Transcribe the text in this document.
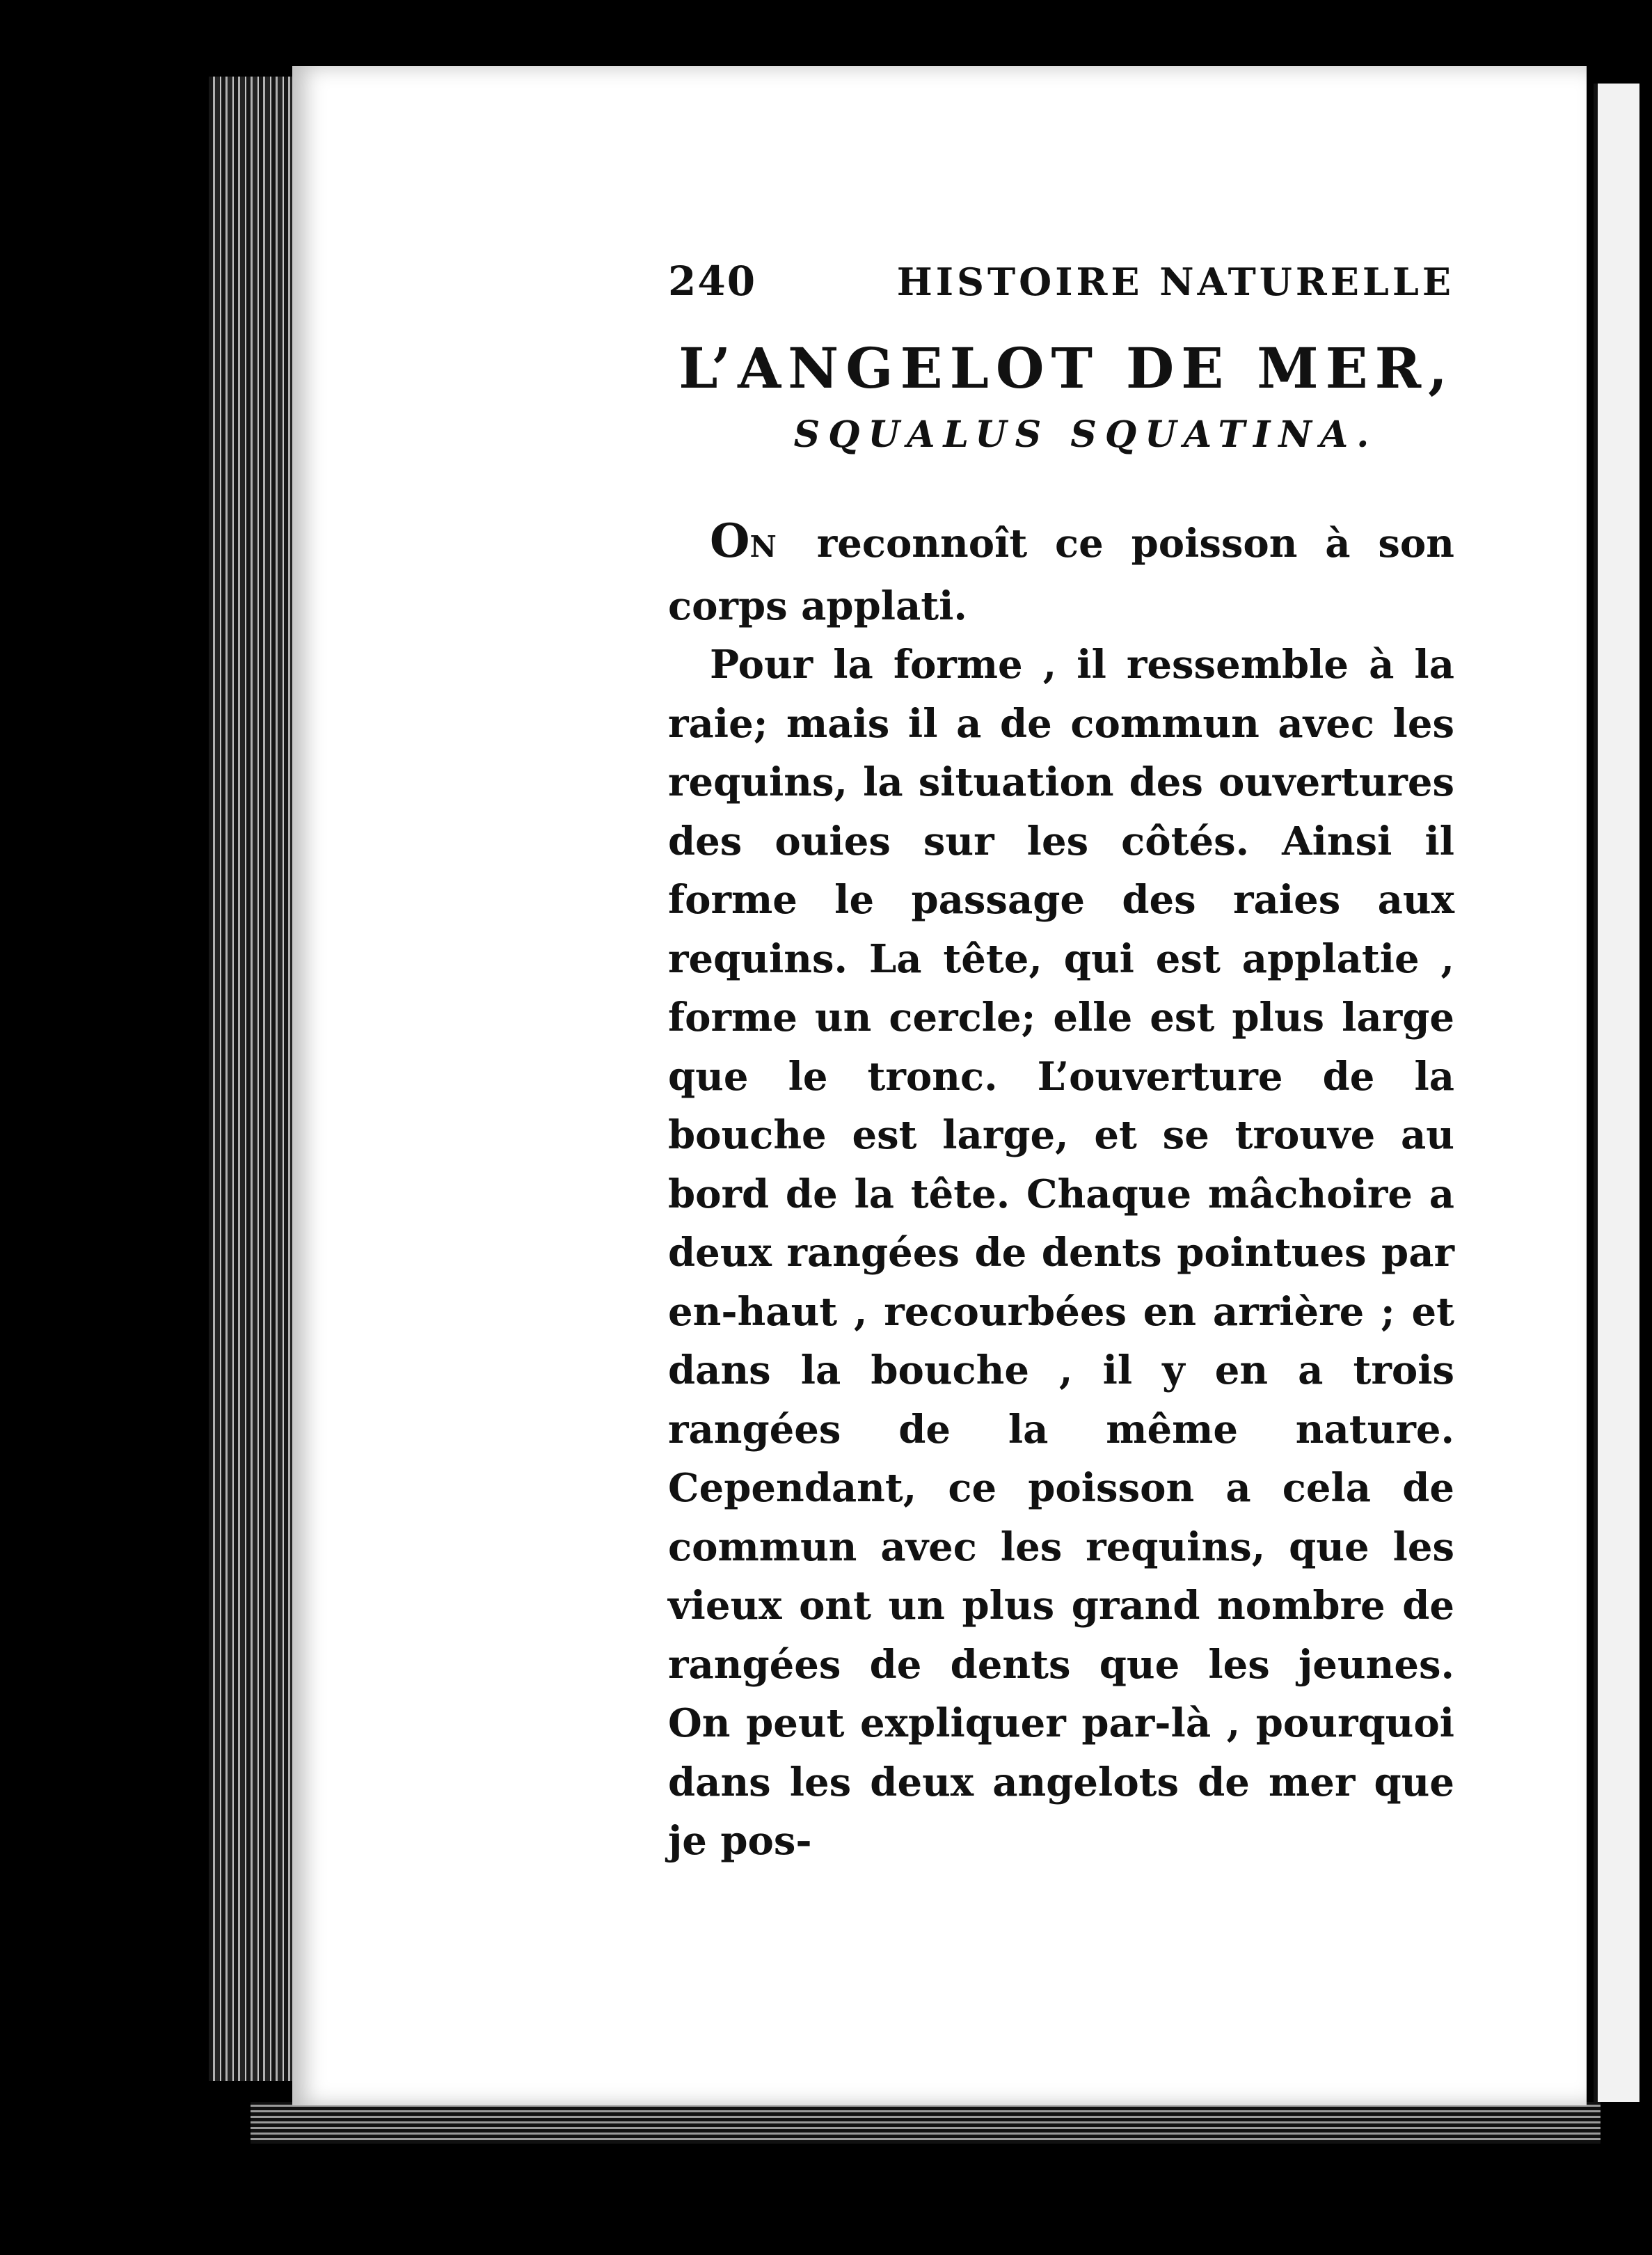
240	HISTOIRE NATURELLE
L’ANGELOT DE MER,
SQUALUS SQUATINA.

ON reconnoît ce poisson à son corps applati.

Pour la forme , il ressemble à la raie; mais il a de commun avec les requins, la situation des ouvertures des ouies sur les côtés. Ainsi il forme le passage des raies aux requins. La tête, qui est applatie , forme un cercle; elle est plus large que le tronc. L’ouverture de la bouche est large, et se trouve au bord de la tête. Chaque mâchoire a deux rangées de dents pointues par en-haut , recourbées en arrière ; et dans la bouche , il y en a trois rangées de la même nature. Cependant, ce poisson a cela de commun avec les requins, que les vieux ont un plus grand nombre de rangées de dents que les jeunes. On peut expliquer par-là , pourquoi dans les deux angelots de mer que je pos-
